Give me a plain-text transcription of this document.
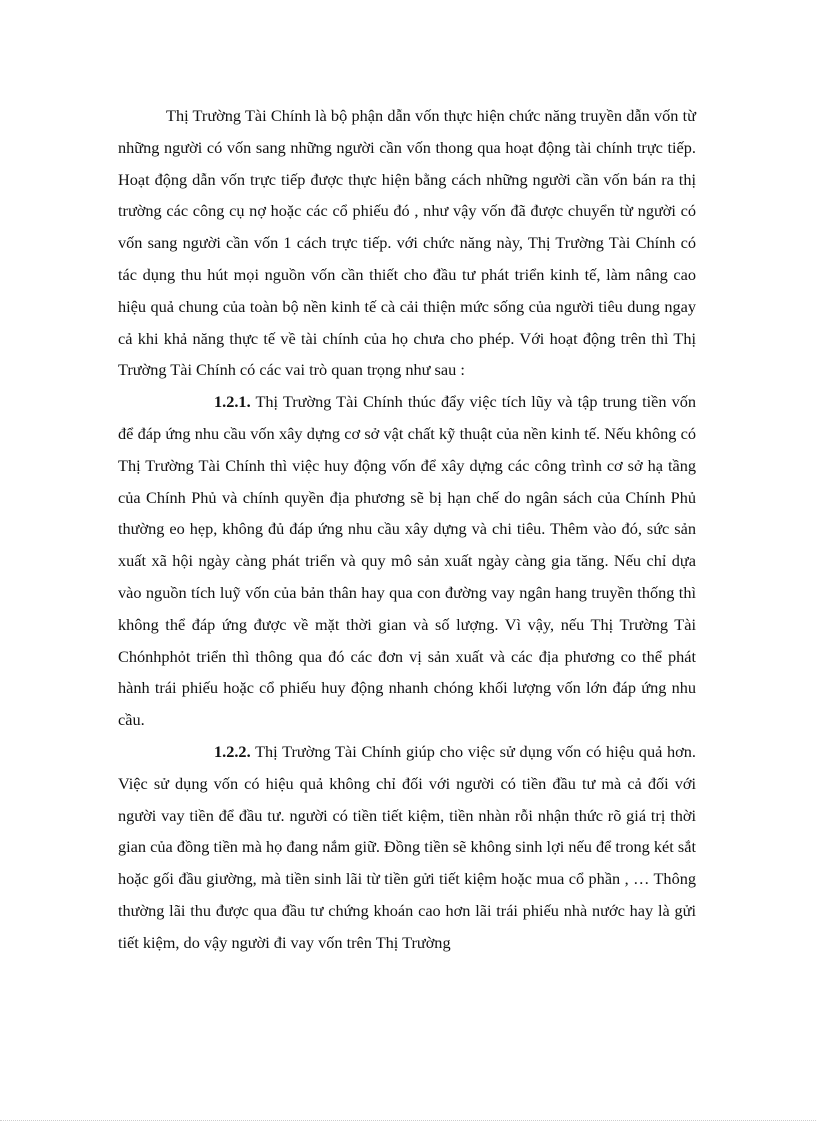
Thị Trường Tài Chính là bộ phận dẫn vốn thực hiện chức năng truyền dẫn vốn từ những người có vốn sang những người cần vốn thong qua hoạt động tài chính trực tiếp. Hoạt động dẫn vốn trực tiếp được thực hiện bằng cách những người cần vốn bán ra thị trường các công cụ nợ hoặc các cổ phiếu đó , như vậy vốn đã được chuyển từ người có vốn sang người cần vốn 1 cách trực tiếp. với chức năng này, Thị Trường Tài Chính có tác dụng thu hút mọi nguồn vốn cần thiết cho đầu tư phát triển kinh tế, làm nâng cao hiệu quả chung của toàn bộ nền kinh tế cà cải thiện mức sống của người tiêu dung ngay cả khi khả năng thực tế về tài chính của họ chưa cho phép. Với hoạt động trên thì Thị Trường Tài Chính có các vai trò quan trọng như sau :

1.2.1. Thị Trường Tài Chính thúc đẩy việc tích lũy và tập trung tiền vốn để đáp ứng nhu cầu vốn xây dựng cơ sở vật chất kỹ thuật của nền kinh tế. Nếu không có Thị Trường Tài Chính thì việc huy động vốn để xây dựng các công trình cơ sở hạ tầng của Chính Phủ và chính quyền địa phương sẽ bị hạn chế do ngân sách của Chính Phủ thường eo hẹp, không đủ đáp ứng nhu cầu xây dựng và chi tiêu. Thêm vào đó, sức sản xuất xã hội ngày càng phát triển và quy mô sản xuất ngày càng gia tăng. Nếu chỉ dựa vào nguồn tích luỹ vốn của bản thân hay qua con đường vay ngân hang truyền thống thì không thể đáp ứng được về mặt thời gian và số lượng. Vì vậy, nếu Thị Trường Tài Chónhphỏt triển thì thông qua đó các đơn vị sản xuất và các địa phương co thể phát hành trái phiếu hoặc cổ phiếu huy động nhanh chóng khối lượng vốn lớn đáp ứng nhu cầu.

1.2.2. Thị Trường Tài Chính giúp cho việc sử dụng vốn có hiệu quả hơn. Việc sử dụng vốn có hiệu quả không chỉ đối với người có tiền đầu tư mà cả đối với người vay tiền để đầu tư. người có tiền tiết kiệm, tiền nhàn rỗi nhận thức rõ giá trị thời gian của đồng tiền mà họ đang nắm giữ. Đồng tiền sẽ không sinh lợi nếu để trong két sắt hoặc gối đầu giường, mà tiền sinh lãi từ tiền gửi tiết kiệm hoặc mua cổ phần , … Thông thường lãi thu được qua đầu tư chứng khoán cao hơn lãi trái phiếu nhà nước hay là gửi tiết kiệm, do vậy người đi vay vốn trên Thị Trường
